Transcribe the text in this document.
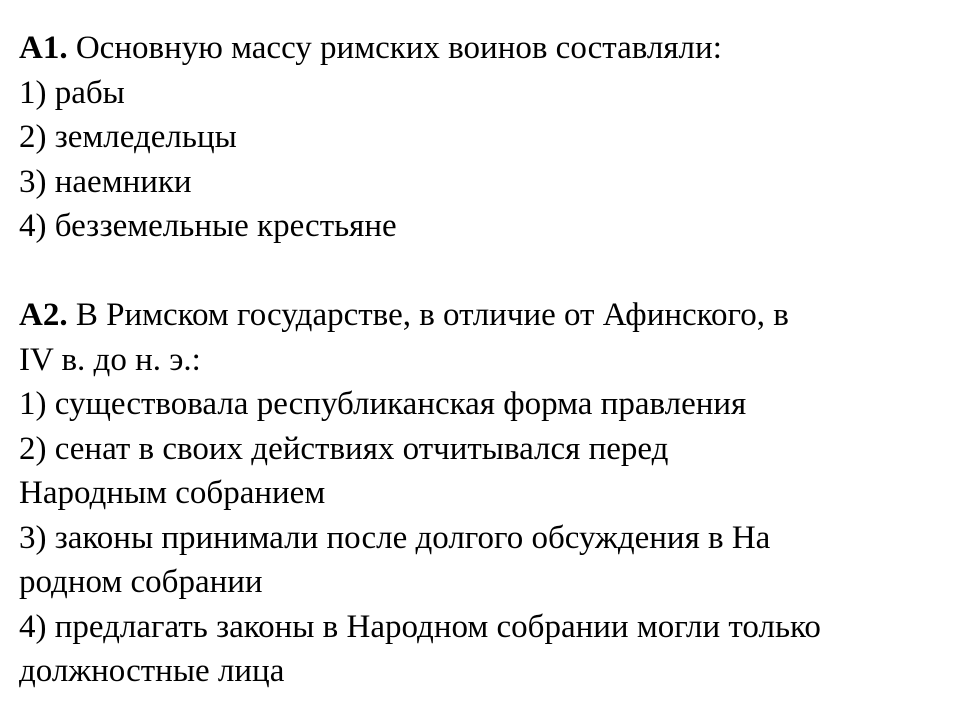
А1. Основную массу римских воинов составляли:
1) рабы
2) земледельцы
3) наемники
4) безземельные крестьяне
А2. В Римском государстве, в отличие от Афинского, в
IV в. до н. э.:
1) существовала республиканская форма правления
2) сенат в своих действиях отчитывался перед
Народным собранием
3) законы принимали после долгого обсуждения в На
родном собрании
4) предлагать законы в Народном собрании могли только
должностные лица
